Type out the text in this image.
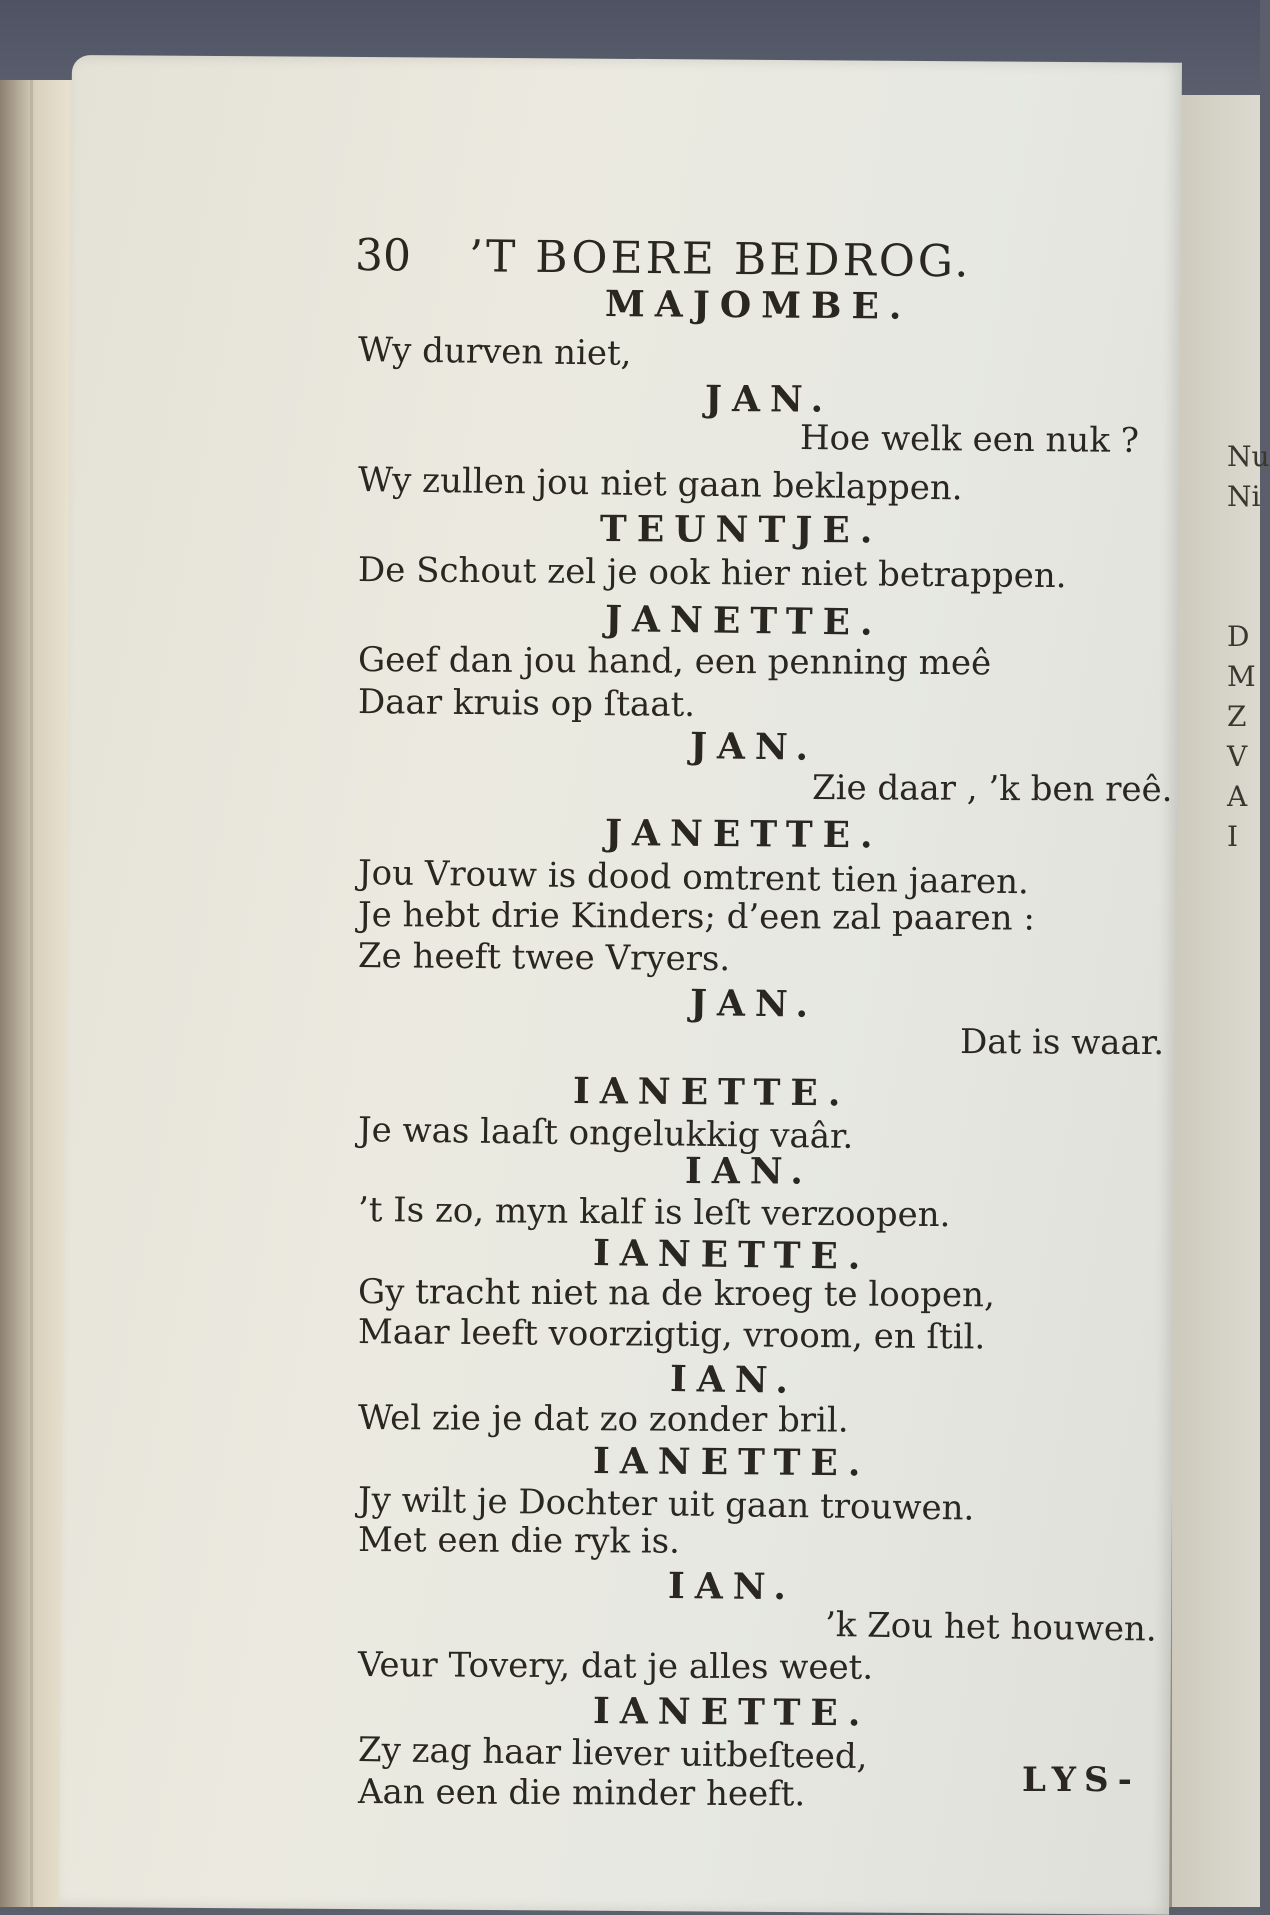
Nu
Ni
D
M
Z
V
A
I
30 ’T BOERE BEDROG.
MAJOMBE.
Wy durven niet,
JAN.
Hoe welk een nuk ?
Wy zullen jou niet gaan beklappen.
TEUNTJE.
De Schout zel je ook hier niet betrappen.
JANETTE.
Geef dan jou hand, een penning meê
Daar kruis op ſtaat.
JAN.
Zie daar , ’k ben reê.
JANETTE.
Jou Vrouw is dood omtrent tien jaaren.
Je hebt drie Kinders; d’een zal paaren :
Ze heeft twee Vryers.
JAN.
Dat is waar.
IANETTE.
Je was laaſt ongelukkig vaâr.
IAN.
’t Is zo, myn kalf is leſt verzoopen.
IANETTE.
Gy tracht niet na de kroeg te loopen,
Maar leeft voorzigtig, vroom, en ſtil.
IAN.
Wel zie je dat zo zonder bril.
IANETTE.
Jy wilt je Dochter uit gaan trouwen.
Met een die ryk is.
IAN.
’k Zou het houwen.
Veur Tovery, dat je alles weet.
IANETTE.
Zy zag haar liever uitbeſteed,
Aan een die minder heeft.	LYS-
